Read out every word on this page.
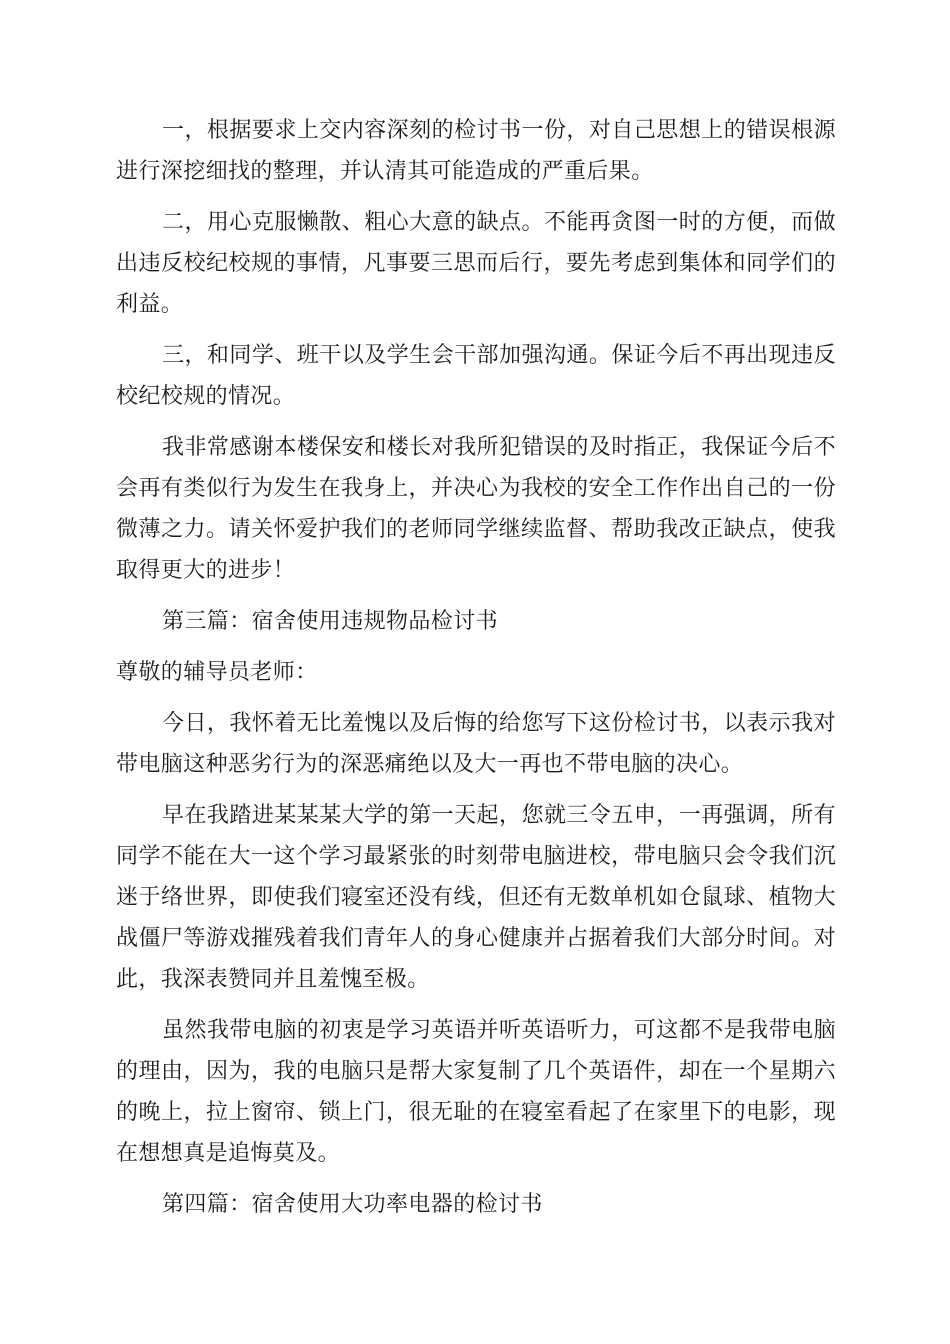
一，根据要求上交内容深刻的检讨书一份，对自己思想上的错误根源进行深挖细找的整理，并认清其可能造成的严重后果。

二，用心克服懒散、粗心大意的缺点。不能再贪图一时的方便，而做出违反校纪校规的事情，凡事要三思而后行，要先考虑到集体和同学们的利益。

三，和同学、班干以及学生会干部加强沟通。保证今后不再出现违反校纪校规的情况。

我非常感谢本楼保安和楼长对我所犯错误的及时指正，我保证今后不会再有类似行为发生在我身上，并决心为我校的安全工作作出自己的一份微薄之力。请关怀爱护我们的老师同学继续监督、帮助我改正缺点，使我取得更大的进步！

第三篇：宿舍使用违规物品检讨书

尊敬的辅导员老师：

今日，我怀着无比羞愧以及后悔的给您写下这份检讨书，以表示我对带电脑这种恶劣行为的深恶痛绝以及大一再也不带电脑的决心。

早在我踏进某某某大学的第一天起，您就三令五申，一再强调，所有同学不能在大一这个学习最紧张的时刻带电脑进校，带电脑只会令我们沉迷于络世界，即使我们寝室还没有线，但还有无数单机如仓鼠球、植物大战僵尸等游戏摧残着我们青年人的身心健康并占据着我们大部分时间。对此，我深表赞同并且羞愧至极。

虽然我带电脑的初衷是学习英语并听英语听力，可这都不是我带电脑的理由，因为，我的电脑只是帮大家复制了几个英语件，却在一个星期六的晚上，拉上窗帘、锁上门，很无耻的在寝室看起了在家里下的电影，现在想想真是追悔莫及。

第四篇：宿舍使用大功率电器的检讨书
